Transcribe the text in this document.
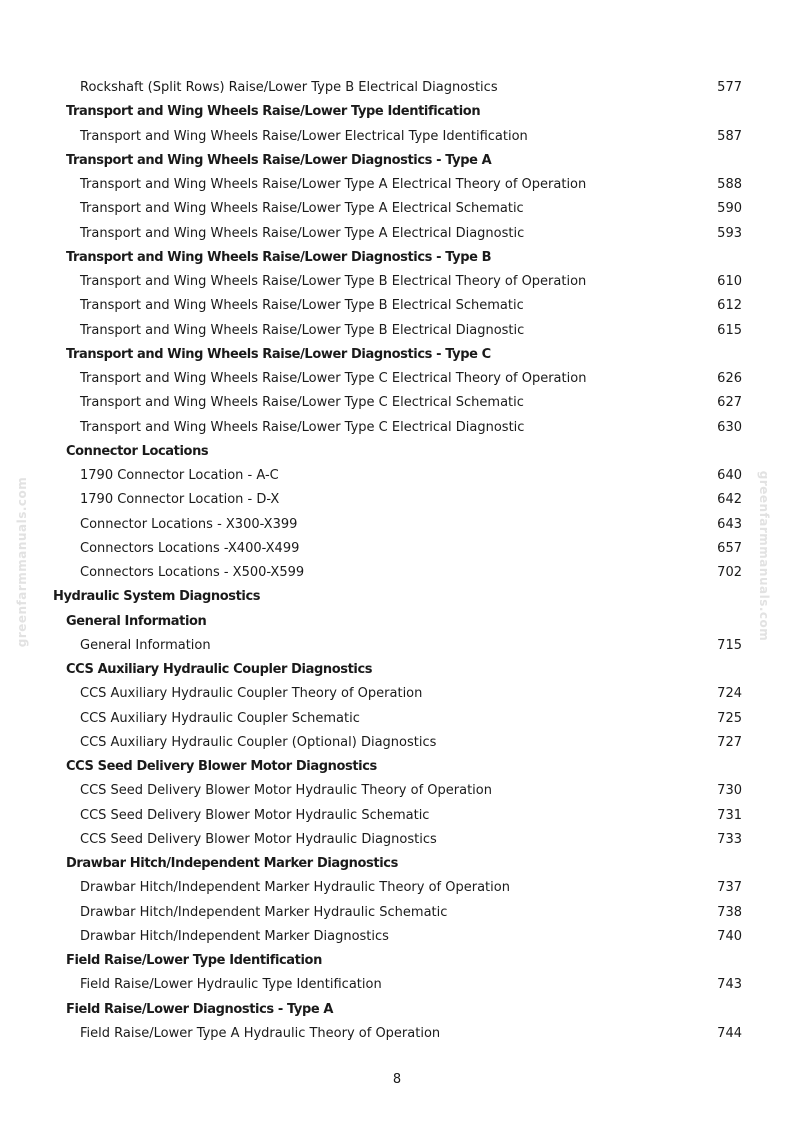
greenfarmmanuals.com	greenfarmmanuals.com
Rockshaft (Split Rows) Raise/Lower Type B Electrical Diagnostics	577
Transport and Wing Wheels Raise/Lower Type Identification
Transport and Wing Wheels Raise/Lower Electrical Type Identification	587
Transport and Wing Wheels Raise/Lower Diagnostics - Type A
Transport and Wing Wheels Raise/Lower Type A Electrical Theory of Operation	588
Transport and Wing Wheels Raise/Lower Type A Electrical Schematic	590
Transport and Wing Wheels Raise/Lower Type A Electrical Diagnostic	593
Transport and Wing Wheels Raise/Lower Diagnostics - Type B
Transport and Wing Wheels Raise/Lower Type B Electrical Theory of Operation	610
Transport and Wing Wheels Raise/Lower Type B Electrical Schematic	612
Transport and Wing Wheels Raise/Lower Type B Electrical Diagnostic	615
Transport and Wing Wheels Raise/Lower Diagnostics - Type C
Transport and Wing Wheels Raise/Lower Type C Electrical Theory of Operation	626
Transport and Wing Wheels Raise/Lower Type C Electrical Schematic	627
Transport and Wing Wheels Raise/Lower Type C Electrical Diagnostic	630
Connector Locations
1790 Connector Location - A-C	640
1790 Connector Location - D-X	642
Connector Locations - X300-X399	643
Connectors Locations -X400-X499	657
Connectors Locations - X500-X599	702
Hydraulic System Diagnostics
General Information
General Information	715
CCS Auxiliary Hydraulic Coupler Diagnostics
CCS Auxiliary Hydraulic Coupler Theory of Operation	724
CCS Auxiliary Hydraulic Coupler Schematic	725
CCS Auxiliary Hydraulic Coupler (Optional) Diagnostics	727
CCS Seed Delivery Blower Motor Diagnostics
CCS Seed Delivery Blower Motor Hydraulic Theory of Operation	730
CCS Seed Delivery Blower Motor Hydraulic Schematic	731
CCS Seed Delivery Blower Motor Hydraulic Diagnostics	733
Drawbar Hitch/Independent Marker Diagnostics
Drawbar Hitch/Independent Marker Hydraulic Theory of Operation	737
Drawbar Hitch/Independent Marker Hydraulic Schematic	738
Drawbar Hitch/Independent Marker Diagnostics	740
Field Raise/Lower Type Identification
Field Raise/Lower Hydraulic Type Identification	743
Field Raise/Lower Diagnostics - Type A
Field Raise/Lower Type A Hydraulic Theory of Operation	744
8
